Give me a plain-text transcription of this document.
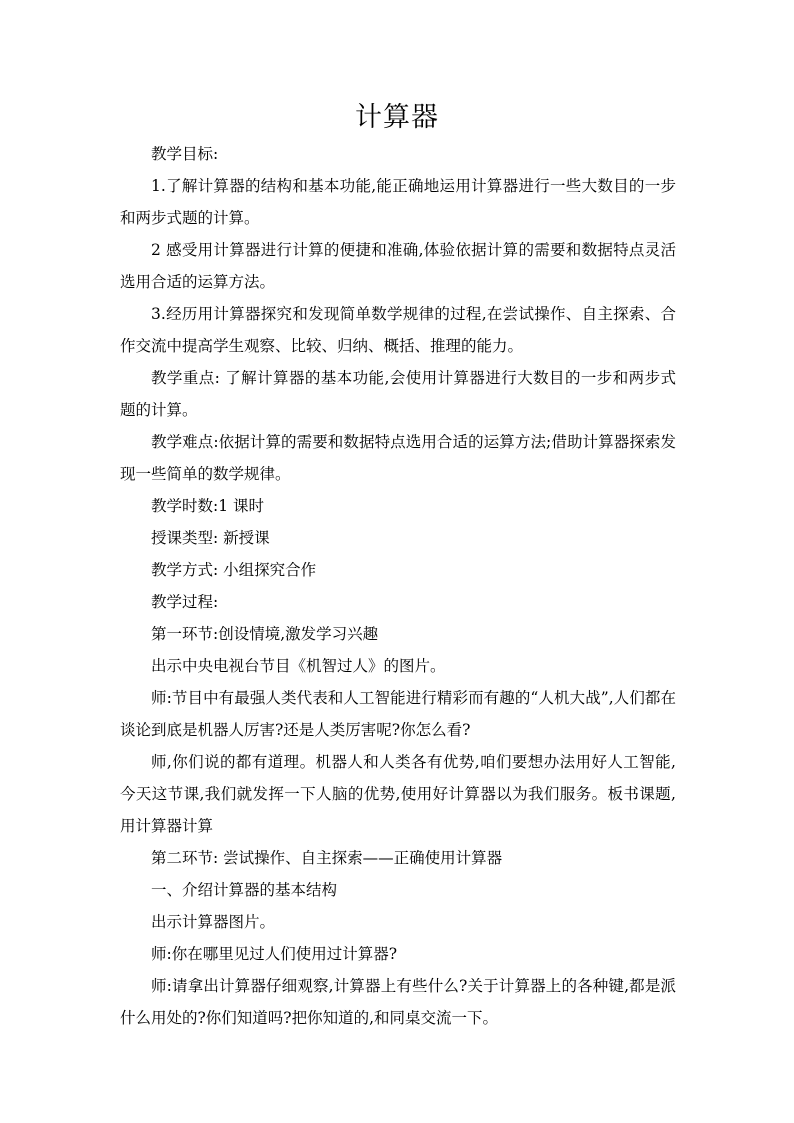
计算器

教学目标:

1.了解计算器的结构和基本功能,能正确地运用计算器进行一些大数目的一步和两步式题的计算。

2 感受用计算器进行计算的便捷和准确,体验依据计算的需要和数据特点灵活选用合适的运算方法。

3.经历用计算器探究和发现简单数学规律的过程,在尝试操作、自主探索、合作交流中提高学生观察、比较、归纳、概括、推理的能力。

教学重点: 了解计算器的基本功能,会使用计算器进行大数目的一步和两步式题的计算。

教学难点:依据计算的需要和数据特点选用合适的运算方法;借助计算器探索发现一些简单的数学规律。

教学时数:1 课时

授课类型: 新授课

教学方式: 小组探究合作

教学过程:

第一环节:创设情境,激发学习兴趣

出示中央电视台节目《机智过人》的图片。

师:节目中有最强人类代表和人工智能进行精彩而有趣的“人机大战”,人们都在谈论到底是机器人厉害?还是人类厉害呢?你怎么看?

师,你们说的都有道理。机器人和人类各有优势,咱们要想办法用好人工智能,今天这节课,我们就发挥一下人脑的优势,使用好计算器以为我们服务。板书课题,用计算器计算

第二环节: 尝试操作、自主探索——正确使用计算器

一、介绍计算器的基本结构

出示计算器图片。

师:你在哪里见过人们使用过计算器?

师:请拿出计算器仔细观察,计算器上有些什么?关于计算器上的各种键,都是派什么用处的?你们知道吗?把你知道的,和同桌交流一下。
